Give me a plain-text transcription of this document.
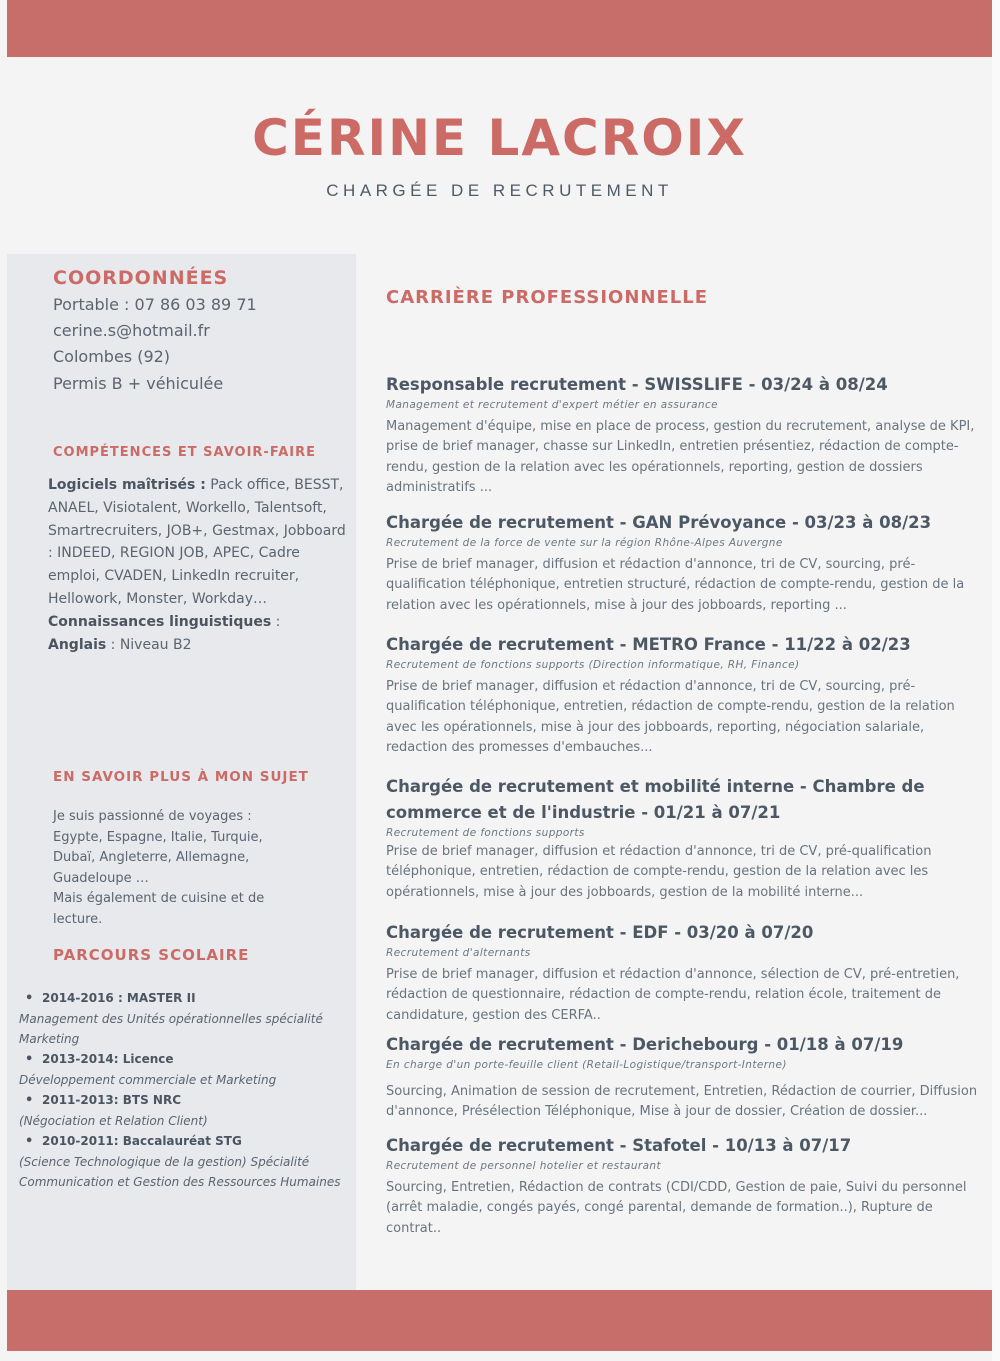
CÉRINE LACROIX
CHARGÉE DE RECRUTEMENT
COORDONNÉES
Portable : 07 86 03 89 71
cerine.s@hotmail.fr
Colombes (92)
Permis B + véhiculée
COMPÉTENCES ET SAVOIR-FAIRE
Logiciels maîtrisés : Pack office, BESST, ANAEL, Visiotalent, Workello, Talentsoft, Smartrecruiters, JOB+, Gestmax, Jobboard : INDEED, REGION JOB, APEC, Cadre emploi, CVADEN, LinkedIn recruiter, Hellowork, Monster, Workday…
Connaissances linguistiques :
Anglais : Niveau B2
EN SAVOIR PLUS À MON SUJET
Je suis passionné de voyages :
Egypte, Espagne, Italie, Turquie,
Dubaï, Angleterre, Allemagne,
Guadeloupe …
Mais également de cuisine et de
lecture.
PARCOURS SCOLAIRE
• 2014-2016 : MASTER II
Management des Unités opérationnelles spécialité Marketing
• 2013-2014: Licence
Développement commerciale et Marketing
• 2011-2013: BTS NRC
(Négociation et Relation Client)
• 2010-2011: Baccalauréat STG
(Science Technologique de la gestion) Spécialité Communication et Gestion des Ressources Humaines
CARRIÈRE PROFESSIONNELLE
Responsable recrutement - SWISSLIFE - 03/24 à 08/24
Management et recrutement d'expert métier en assurance
Management d'équipe, mise en place de process, gestion du recrutement, analyse de KPI, prise de brief manager, chasse sur LinkedIn, entretien présentiez, rédaction de compte-rendu, gestion de la relation avec les opérationnels, reporting, gestion de dossiers administratifs ...
Chargée de recrutement - GAN Prévoyance - 03/23 à 08/23
Recrutement de la force de vente sur la région Rhône-Alpes Auvergne
Prise de brief manager, diffusion et rédaction d'annonce, tri de CV, sourcing, pré-qualification téléphonique, entretien structuré, rédaction de compte-rendu, gestion de la relation avec les opérationnels, mise à jour des jobboards, reporting ...
Chargée de recrutement - METRO France - 11/22 à 02/23
Recrutement de fonctions supports (Direction informatique, RH, Finance)
Prise de brief manager, diffusion et rédaction d'annonce, tri de CV, sourcing, pré-qualification téléphonique, entretien, rédaction de compte-rendu, gestion de la relation avec les opérationnels, mise à jour des jobboards, reporting, négociation salariale, redaction des promesses d'embauches...
Chargée de recrutement et mobilité interne - Chambre de commerce et de l'industrie - 01/21 à 07/21
Recrutement de fonctions supports
Prise de brief manager, diffusion et rédaction d'annonce, tri de CV, pré-qualification téléphonique, entretien, rédaction de compte-rendu, gestion de la relation avec les opérationnels, mise à jour des jobboards, gestion de la mobilité interne...
Chargée de recrutement - EDF - 03/20 à 07/20
Recrutement d'alternants
Prise de brief manager, diffusion et rédaction d'annonce, sélection de CV, pré-entretien, rédaction de questionnaire, rédaction de compte-rendu, relation école, traitement de candidature, gestion des CERFA..
Chargée de recrutement - Derichebourg - 01/18 à 07/19
En charge d'un porte-feuille client (Retail-Logistique/transport-Interne)
Sourcing, Animation de session de recrutement, Entretien, Rédaction de courrier, Diffusion d'annonce, Présélection Téléphonique, Mise à jour de dossier, Création de dossier...
Chargée de recrutement - Stafotel - 10/13 à 07/17
Recrutement de personnel hotelier et restaurant
Sourcing, Entretien, Rédaction de contrats (CDI/CDD, Gestion de paie, Suivi du personnel (arrêt maladie, congés payés, congé parental, demande de formation..), Rupture de contrat..
